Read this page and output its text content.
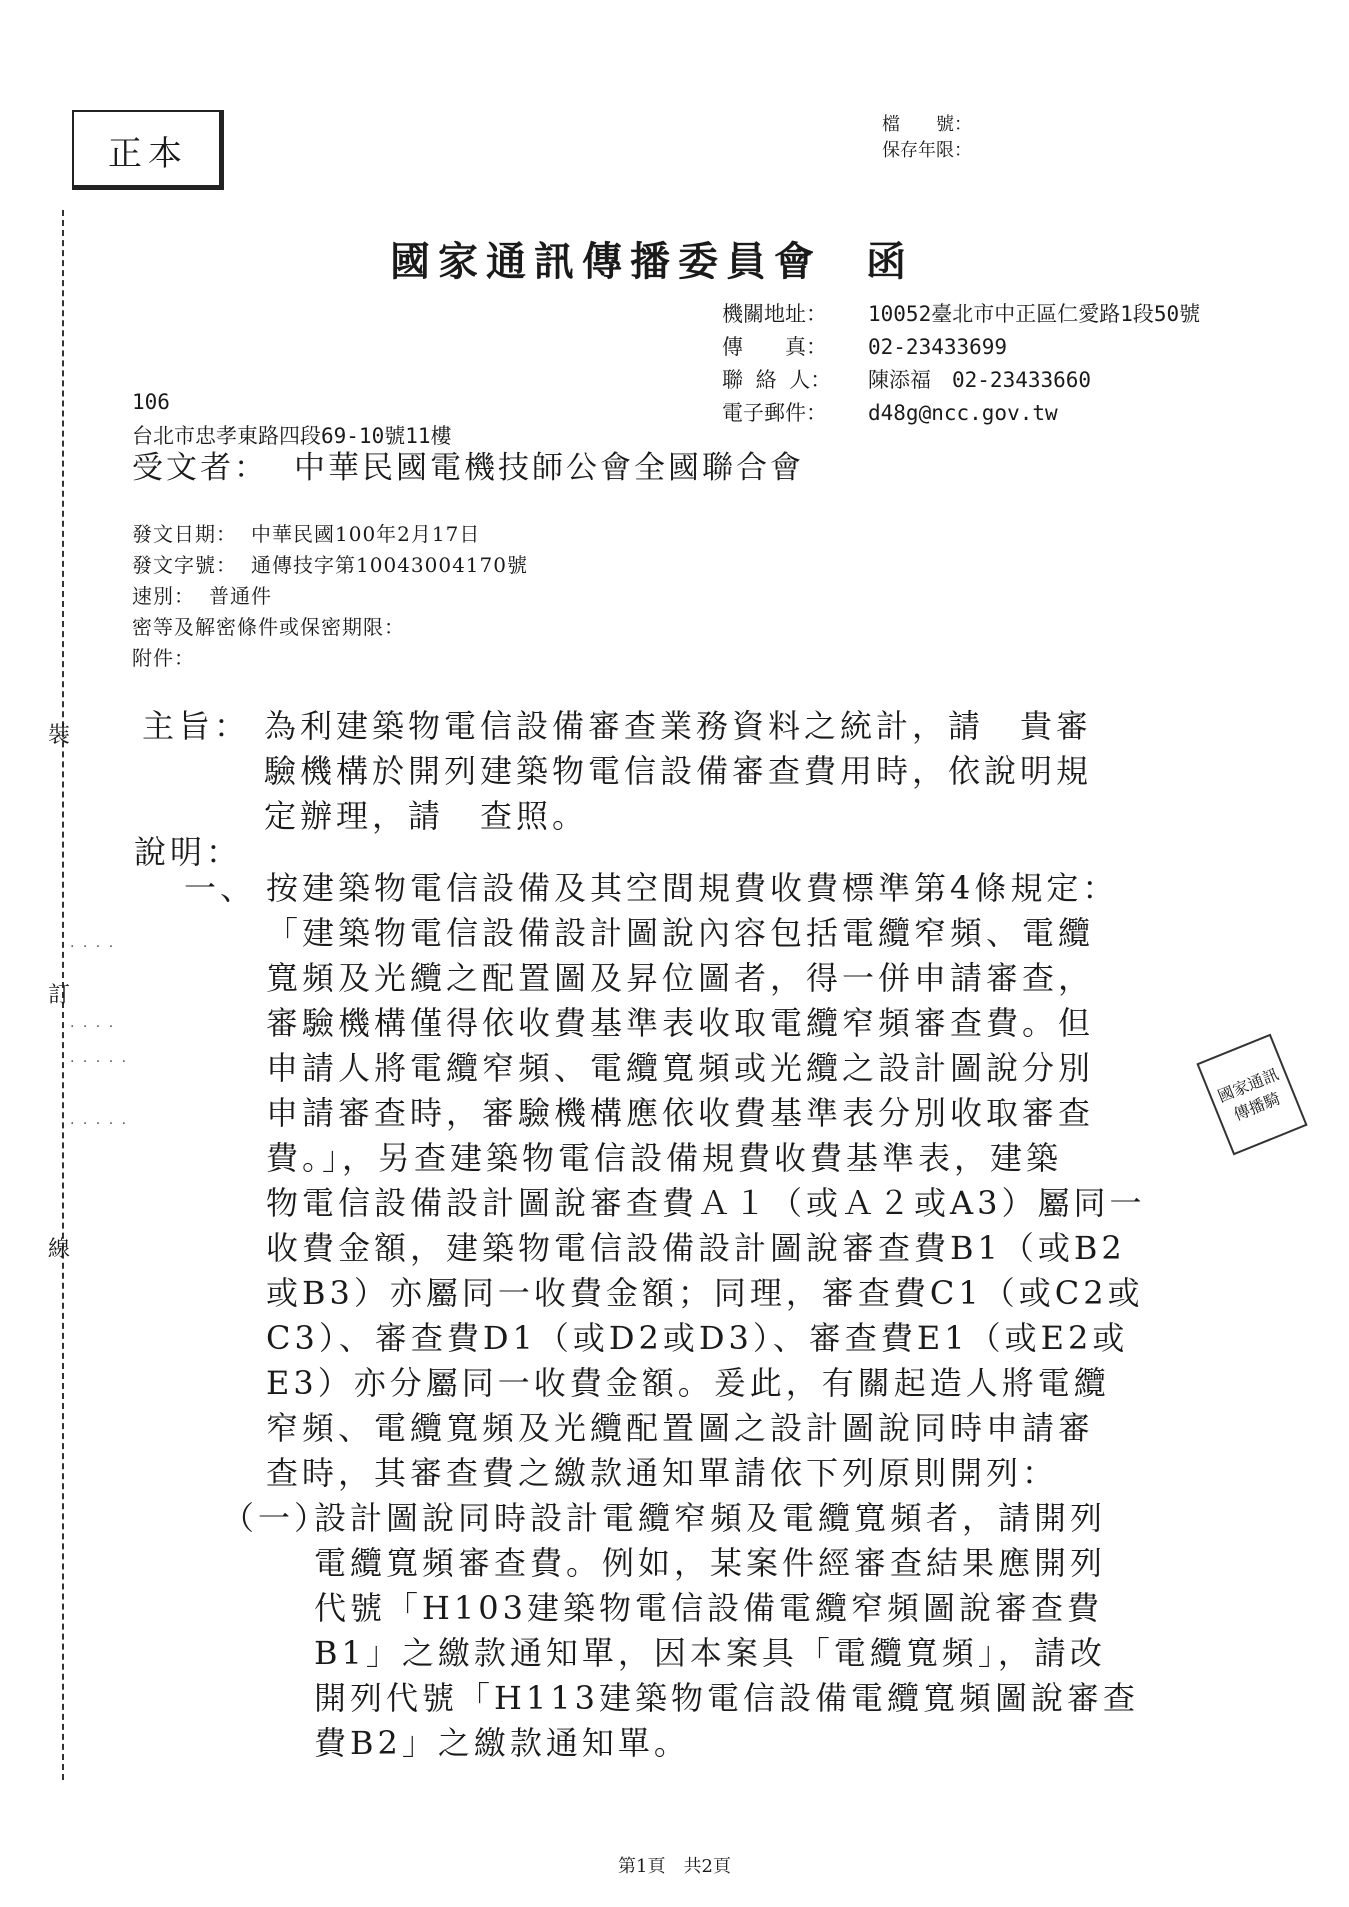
正本
檔　　號：
保存年限：
國家通訊傳播委員會 函
機關地址： 10052臺北市中正區仁愛路1段50號
傳　　真： 02-23433699
聯 絡 人： 陳添福　02-23433660
電子郵件： d48g@ncc.gov.tw
106
台北市忠孝東路四段69-10號11樓
受文者： 中華民國電機技師公會全國聯合會
發文日期： 中華民國100年2月17日
發文字號： 通傳技字第10043004170號
速別： 普通件
密等及解密條件或保密期限：
附件：
主旨： 為利建築物電信設備審查業務資料之統計，請　貴審
驗機構於開列建築物電信設備審查費用時，依說明規
定辦理，請　查照。
說明：
一、 按建築物電信設備及其空間規費收費標準第4條規定：
「建築物電信設備設計圖說內容包括電纜窄頻、電纜
寬頻及光纜之配置圖及昇位圖者，得一併申請審查，
審驗機構僅得依收費基準表收取電纜窄頻審查費。但
申請人將電纜窄頻、電纜寬頻或光纜之設計圖說分別
申請審查時，審驗機構應依收費基準表分別收取審查
費。」，另查建築物電信設備規費收費基準表，建築
物電信設備設計圖說審查費Ａ１（或Ａ２或A3）屬同一
收費金額，建築物電信設備設計圖說審查費B1（或B2
或B3）亦屬同一收費金額；同理，審查費C1（或C2或
C3）、審查費D1（或D2或D3）、審查費E1（或E2或
E3）亦分屬同一收費金額。爰此，有關起造人將電纜
窄頻、電纜寬頻及光纜配置圖之設計圖說同時申請審
查時，其審查費之繳款通知單請依下列原則開列：
（一）
設計圖說同時設計電纜窄頻及電纜寬頻者，請開列
電纜寬頻審查費。例如，某案件經審查結果應開列
代號「H103建築物電信設備電纜窄頻圖說審查費
B1」之繳款通知單，因本案具「電纜寬頻」，請改
開列代號「H113建築物電信設備電纜寬頻圖說審查
費B2」之繳款通知單。
裝
訂
線
. . . .
. . . .
. . . . .
. . . . .
國家通訊傳播騎
第1頁　共2頁
